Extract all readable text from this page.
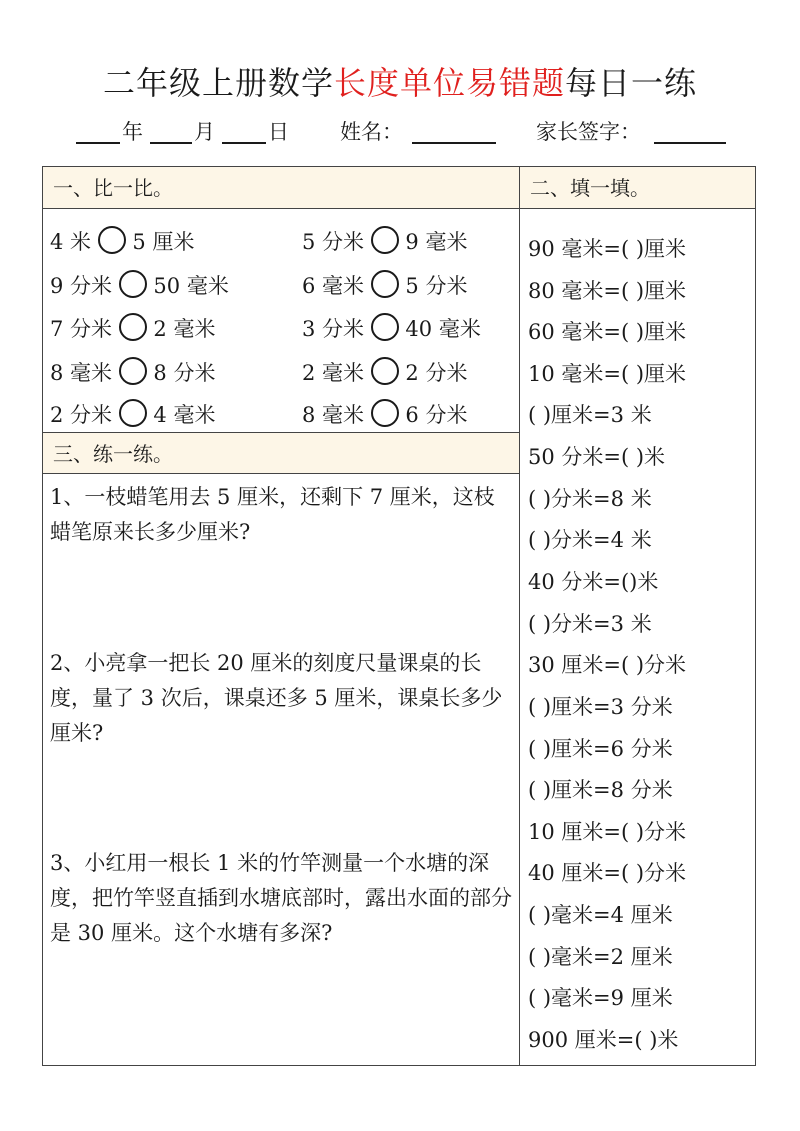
二年级上册数学长度单位易错题每日一练
年 月	日 姓名：	家长签字：
一、比一比。	二、填一填。
三、练一练。
4 米 5 厘米	5 分米 9 毫米
9 分米 50 毫米	6 毫米 5 分米
7 分米 2 毫米	3 分米 40 毫米
8 毫米 8 分米	2 毫米 2 分米
2 分米 4 毫米	8 毫米 6 分米
90 毫米=( )厘米
80 毫米=( )厘米
60 毫米=( )厘米
10 毫米=( )厘米
( )厘米=3 米
50 分米=( )米
( )分米=8 米
( )分米=4 米
40 分米=()米
( )分米=3 米
30 厘米=( )分米
( )厘米=3 分米
( )厘米=6 分米
( )厘米=8 分米
10 厘米=( )分米
40 厘米=( )分米
( )毫米=4 厘米
( )毫米=2 厘米
( )毫米=9 厘米
900 厘米=( )米
1、一枝蜡笔用去 5 厘米，还剩下 7 厘米，这枝蜡笔原来长多少厘米?
2、小亮拿一把长 20 厘米的刻度尺量课桌的长度，量了 3 次后，课桌还多 5 厘米，课桌长多少厘米?
3、小红用一根长 1 米的竹竿测量一个水塘的深度，把竹竿竖直插到水塘底部时，露出水面的部分是 30 厘米。这个水塘有多深?
